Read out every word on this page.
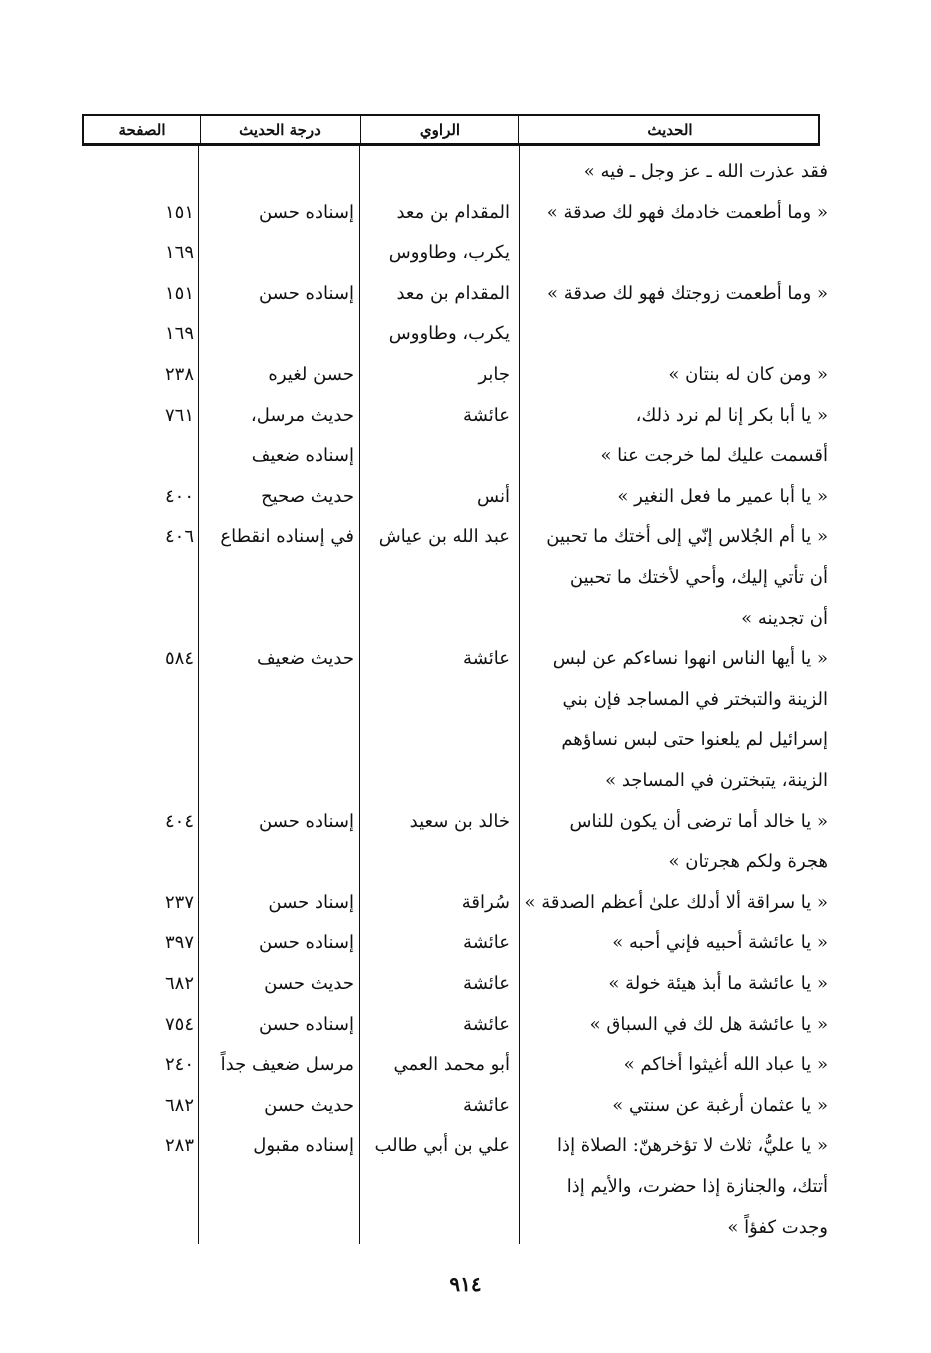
الحديث
الراوي
درجة الحديث
الصفحة
فقد عذرت الله ـ عز وجل ـ فيه »
« وما أطعمت خادمك فهو لك صدقة »
المقدام بن معد
إسناده حسن
١٥١
يكرب، وطاووس
١٦٩
« وما أطعمت زوجتك فهو لك صدقة »
المقدام بن معد
إسناده حسن
١٥١
يكرب، وطاووس
١٦٩
« ومن كان له بنتان »
جابر
حسن لغيره
٢٣٨
« يا أبا بكر إنا لم نرد ذلك،
عائشة
حديث مرسل،
٧٦١
أقسمت عليك لما خرجت عنا »
إسناده ضعيف
« يا أبا عمير ما فعل النغير »
أنس
حديث صحيح
٤٠٠
« يا أم الجُلاس إنّي إلى أختك ما تحبين
عبد الله بن عياش
في إسناده انقطاع
٤٠٦
أن تأتي إليك، وأحي لأختك ما تحبين
أن تجدينه »
« يا أيها الناس انهوا نساءكم عن لبس
عائشة
حديث ضعيف
٥٨٤
الزينة والتبختر في المساجد فإن بني
إسرائيل لم يلعنوا حتى لبس نساؤهم
الزينة، يتبخترن في المساجد »
« يا خالد أما ترضى أن يكون للناس
خالد بن سعيد
إسناده حسن
٤٠٤
هجرة ولكم هجرتان »
« يا سراقة ألا أدلك علىٰ أعظم الصدقة »
سُراقة
إسناد حسن
٢٣٧
« يا عائشة أحبيه فإني أحبه »
عائشة
إسناده حسن
٣٩٧
« يا عائشة ما أبذ هيئة خولة »
عائشة
حديث حسن
٦٨٢
« يا عائشة هل لك في السباق »
عائشة
إسناده حسن
٧٥٤
« يا عباد الله أغيثوا أخاكم »
أبو محمد العمي
مرسل ضعيف جداً
٢٤٠
« يا عثمان أرغبة عن سنتي »
عائشة
حديث حسن
٦٨٢
« يا عليُّ، ثلاث لا تؤخرهنّ: الصلاة إذا
علي بن أبي طالب
إسناده مقبول
٢٨٣
أتتك، والجنازة إذا حضرت، والأيم إذا
وجدت كفؤاً »
٩١٤
